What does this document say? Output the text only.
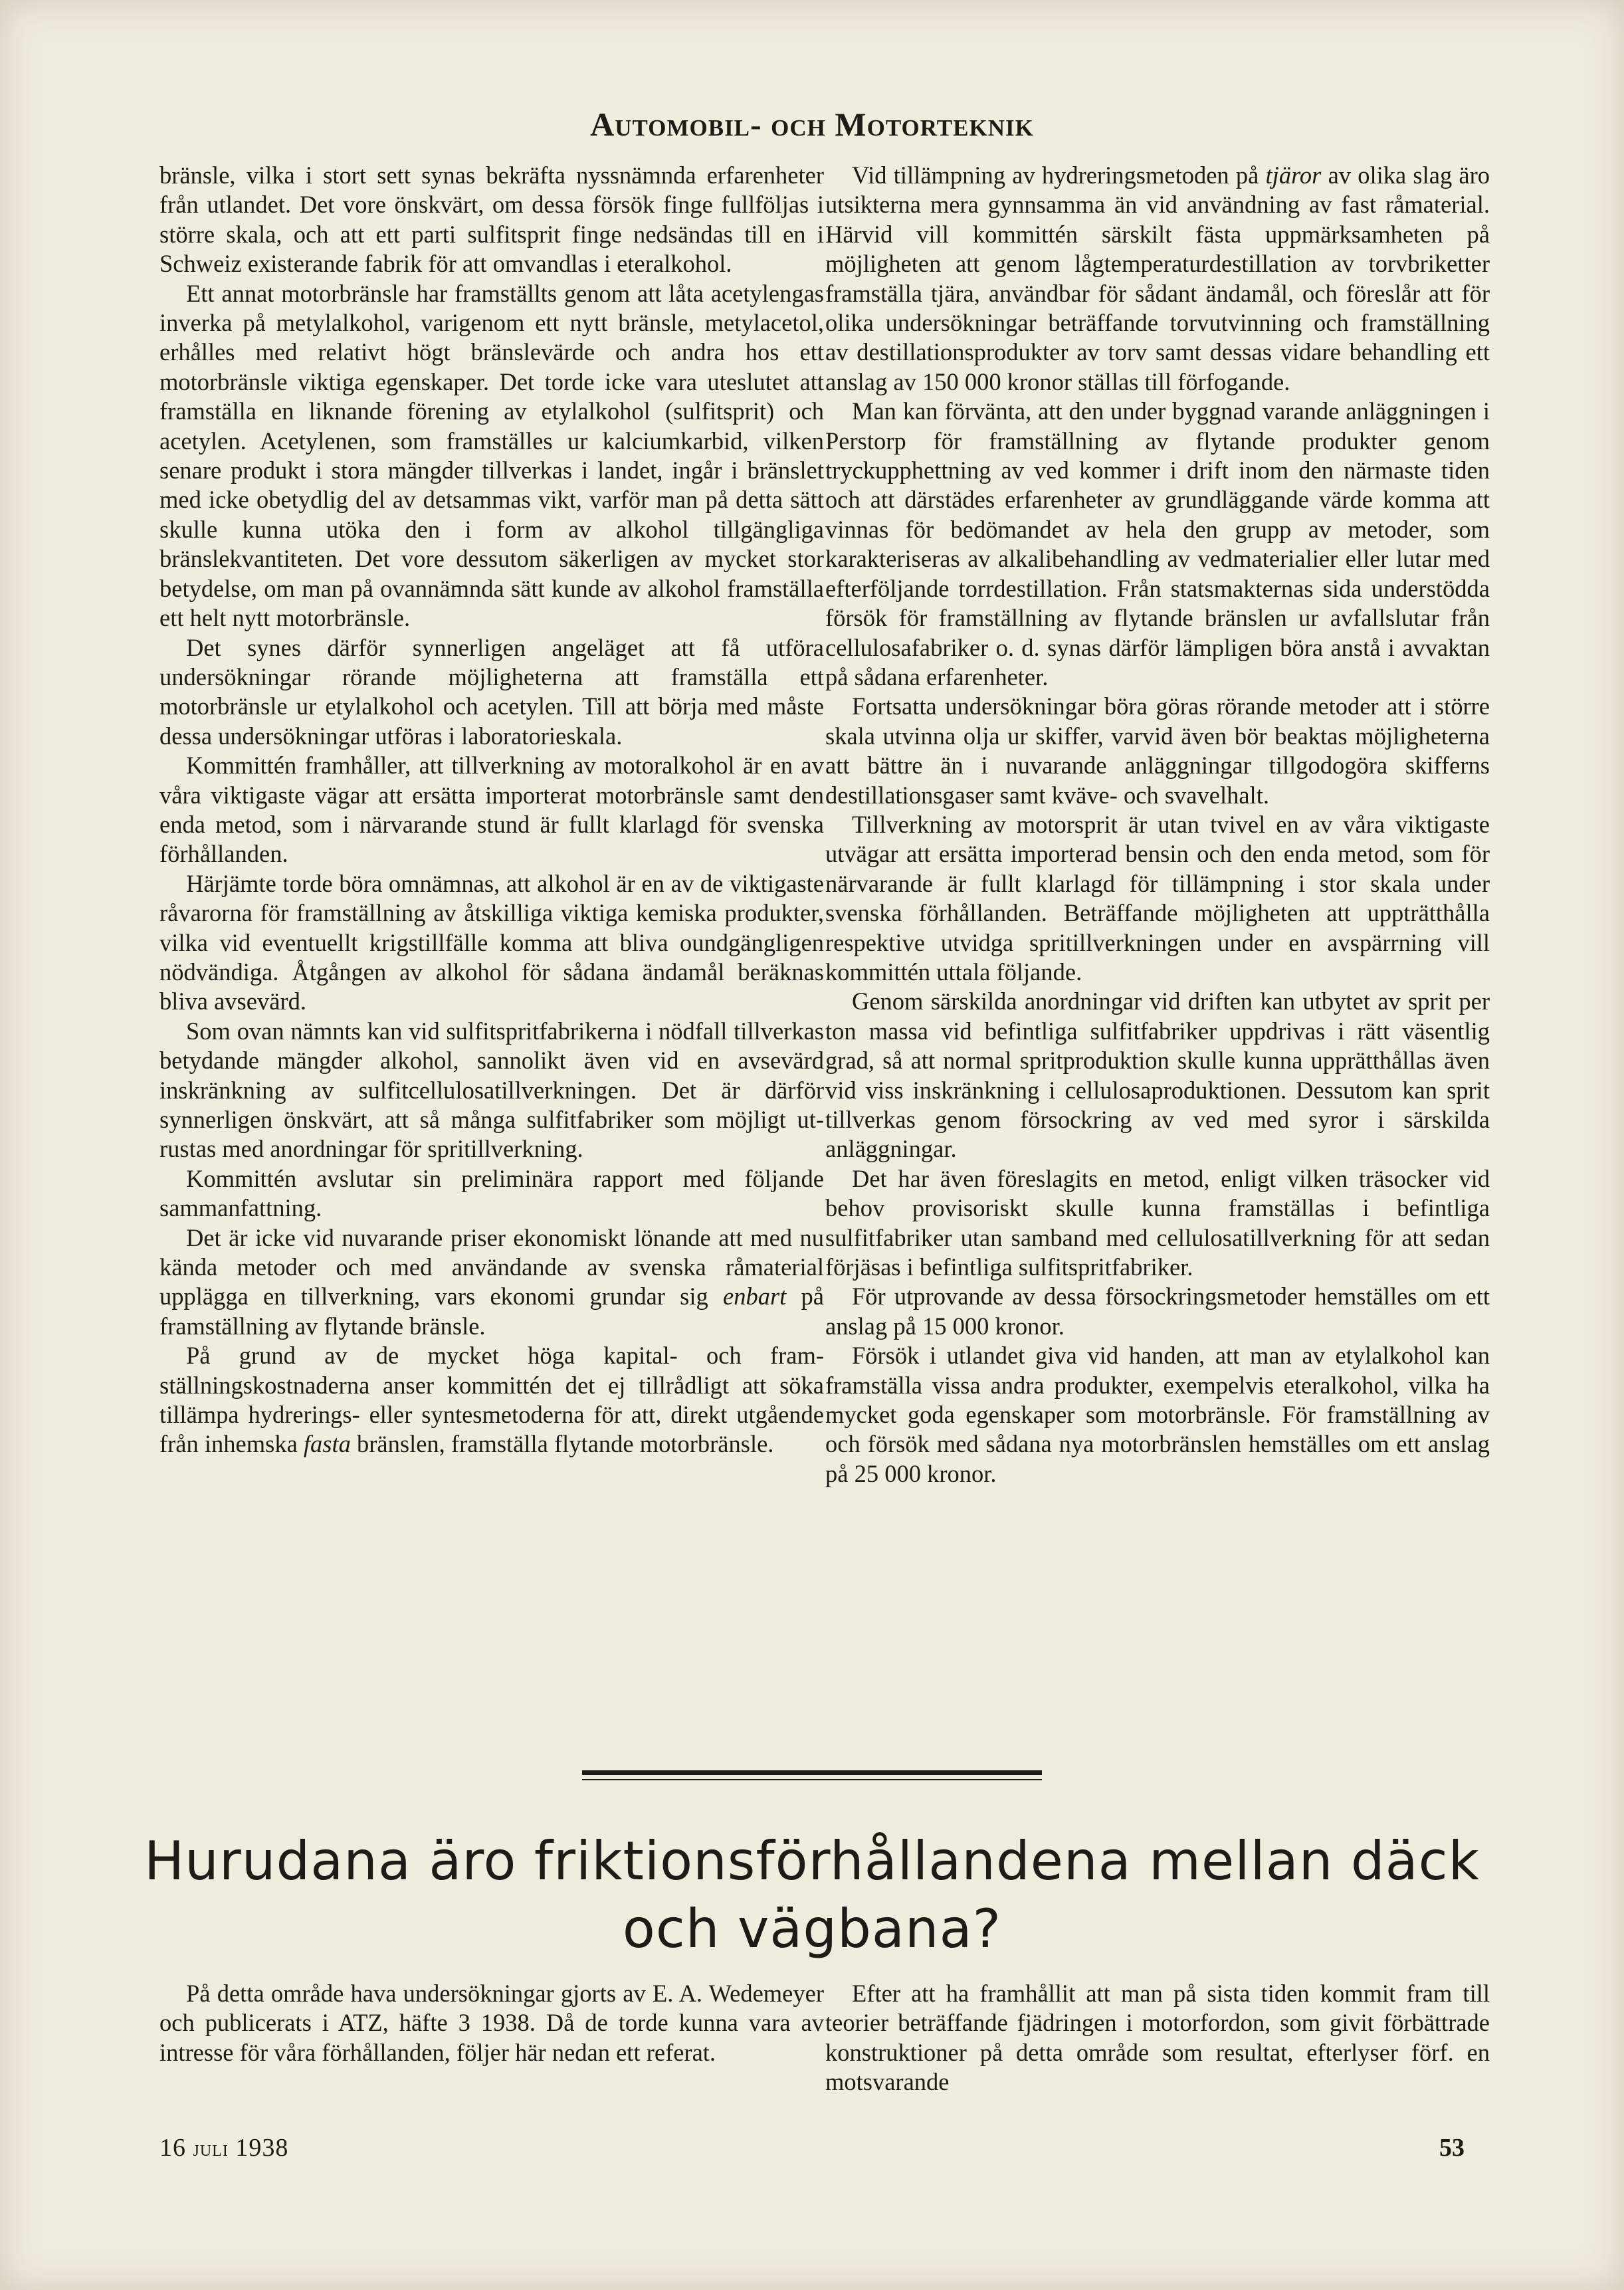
Automobil- och Motorteknik

bränsle, vilka i stort sett synas bekräfta nyssnämnda erfarenheter från utlandet. Det vore önskvärt, om dessa försök finge fullföljas i större skala, och att ett parti sulfitsprit finge nedsändas till en i Schweiz existerande fabrik för att omvandlas i eteralkohol.

Ett annat motorbränsle har framställts genom att låta acetylengas inverka på metylalkohol, varigenom ett nytt bränsle, metylacetol, erhålles med relativt högt bränslevärde och andra hos ett motorbränsle viktiga egenskaper. Det torde icke vara uteslutet att framställa en liknande förening av etylalkohol (sulfitsprit) och acetylen. Acetylenen, som framställes ur kalciumkarbid, vilken senare produkt i stora mängder tillverkas i landet, ingår i bränslet med icke obetydlig del av detsammas vikt, varför man på detta sätt skulle kunna utöka den i form av alkohol tillgängliga bränslekvantiteten. Det vore dessutom säkerligen av mycket stor betydelse, om man på ovannämnda sätt kunde av alkohol framställa ett helt nytt motorbränsle.

Det synes därför synnerligen angeläget att få utföra undersökningar rörande möjligheterna att framställa ett motorbränsle ur etylalkohol och acetylen. Till att börja med måste dessa undersökningar utföras i laboratorieskala.

Kommittén framhåller, att tillverkning av motoralkohol är en av våra viktigaste vägar att ersätta importerat motorbränsle samt den enda metod, som i närvarande stund är fullt klarlagd för svenska förhållanden.

Härjämte torde böra omnämnas, att alkohol är en av de viktigaste råvarorna för framställning av åtskilliga viktiga kemiska produkter, vilka vid eventuellt krigstillfälle komma att bliva oundgängligen nödvändiga. Åtgången av alkohol för sådana ändamål beräknas bliva avsevärd.

Som ovan nämnts kan vid sulfitspritfabrikerna i nödfall tillverkas betydande mängder alkohol, sannolikt även vid en avsevärd inskränkning av sulfitcellulosatillverkningen. Det är därför synnerligen önskvärt, att så många sulfitfabriker som möjligt utrustas med anordningar för spritillverkning.

Kommittén avslutar sin preliminära rapport med följande sammanfattning.

Det är icke vid nuvarande priser ekonomiskt lönande att med nu kända metoder och med användande av svenska råmaterial upplägga en tillverkning, vars ekonomi grundar sig enbart på framställning av flytande bränsle.

På grund av de mycket höga kapital- och framställningskostnaderna anser kommittén det ej tillrådligt att söka tillämpa hydrerings- eller syntesmetoderna för att, direkt utgående från inhemska fasta bränslen, framställa flytande motorbränsle.

Vid tillämpning av hydreringsmetoden på tjäror av olika slag äro utsikterna mera gynnsamma än vid användning av fast råmaterial. Härvid vill kommittén särskilt fästa uppmärksamheten på möjligheten att genom lågtemperaturdestillation av torvbriketter framställa tjära, användbar för sådant ändamål, och föreslår att för olika undersökningar beträffande torvutvinning och framställning av destillationsprodukter av torv samt dessas vidare behandling ett anslag av 150 000 kronor ställas till förfogande.

Man kan förvänta, att den under byggnad varande anläggningen i Perstorp för framställning av flytande produkter genom tryckupphettning av ved kommer i drift inom den närmaste tiden och att därstädes erfarenheter av grundläggande värde komma att vinnas för bedömandet av hela den grupp av metoder, som karakteriseras av alkalibehandling av vedmaterialier eller lutar med efterföljande torrdestillation. Från statsmakternas sida understödda försök för framställning av flytande bränslen ur avfallslutar från cellulosafabriker o. d. synas därför lämpligen böra anstå i avvaktan på sådana erfarenheter.

Fortsatta undersökningar böra göras rörande metoder att i större skala utvinna olja ur skiffer, varvid även bör beaktas möjligheterna att bättre än i nuvarande anläggningar tillgodogöra skifferns destillationsgaser samt kväve- och svavelhalt.

Tillverkning av motorsprit är utan tvivel en av våra viktigaste utvägar att ersätta importerad bensin och den enda metod, som för närvarande är fullt klarlagd för tillämpning i stor skala under svenska förhållanden. Beträffande möjligheten att uppträtthålla respektive utvidga spritillverkningen under en avspärrning vill kommittén uttala följande.

Genom särskilda anordningar vid driften kan utbytet av sprit per ton massa vid befintliga sulfitfabriker uppdrivas i rätt väsentlig grad, så att normal spritproduktion skulle kunna upprätthållas även vid viss inskränkning i cellulosaproduktionen. Dessutom kan sprit tillverkas genom försockring av ved med syror i särskilda anläggningar.

Det har även föreslagits en metod, enligt vilken träsocker vid behov provisoriskt skulle kunna framställas i befintliga sulfitfabriker utan samband med cellulosatillverkning för att sedan förjäsas i befintliga sulfitspritfabriker.

För utprovande av dessa försockringsmetoder hemställes om ett anslag på 15 000 kronor.

Försök i utlandet giva vid handen, att man av etylalkohol kan framställa vissa andra produkter, exempelvis eteralkohol, vilka ha mycket goda egenskaper som motorbränsle. För framställning av och försök med sådana nya motorbränslen hemställes om ett anslag på 25 000 kronor.

Hurudana äro friktionsförhållandena mellan däck och vägbana?

På detta område hava undersökningar gjorts av E. A. Wedemeyer och publicerats i ATZ, häfte 3 1938. Då de torde kunna vara av intresse för våra förhållanden, följer här nedan ett referat.

Efter att ha framhållit att man på sista tiden kommit fram till teorier beträffande fjädringen i motorfordon, som givit förbättrade konstruktioner på detta område som resultat, efterlyser förf. en motsvarande

16 juli 1938	53
